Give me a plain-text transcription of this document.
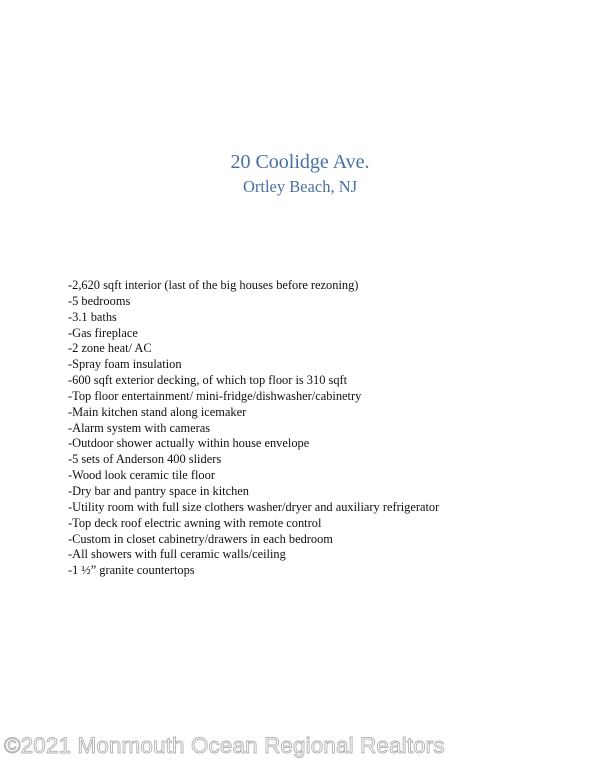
20 Coolidge Ave.
Ortley Beach, NJ
-2,620 sqft interior (last of the big houses before rezoning)
-5 bedrooms
-3.1 baths
-Gas fireplace
-2 zone heat/ AC
-Spray foam insulation
-600 sqft exterior decking, of which top floor is 310 sqft
-Top floor entertainment/ mini-fridge/dishwasher/cabinetry
-Main kitchen stand along icemaker
-Alarm system with cameras
-Outdoor shower actually within house envelope
-5 sets of Anderson 400 sliders
-Wood look ceramic tile floor
-Dry bar and pantry space in kitchen
-Utility room with full size clothers washer/dryer and auxiliary refrigerator
-Top deck roof electric awning with remote control
-Custom in closet cabinetry/drawers in each bedroom
-All showers with full ceramic walls/ceiling
-1 ½” granite countertops
©2021 Monmouth Ocean Regional Realtors
